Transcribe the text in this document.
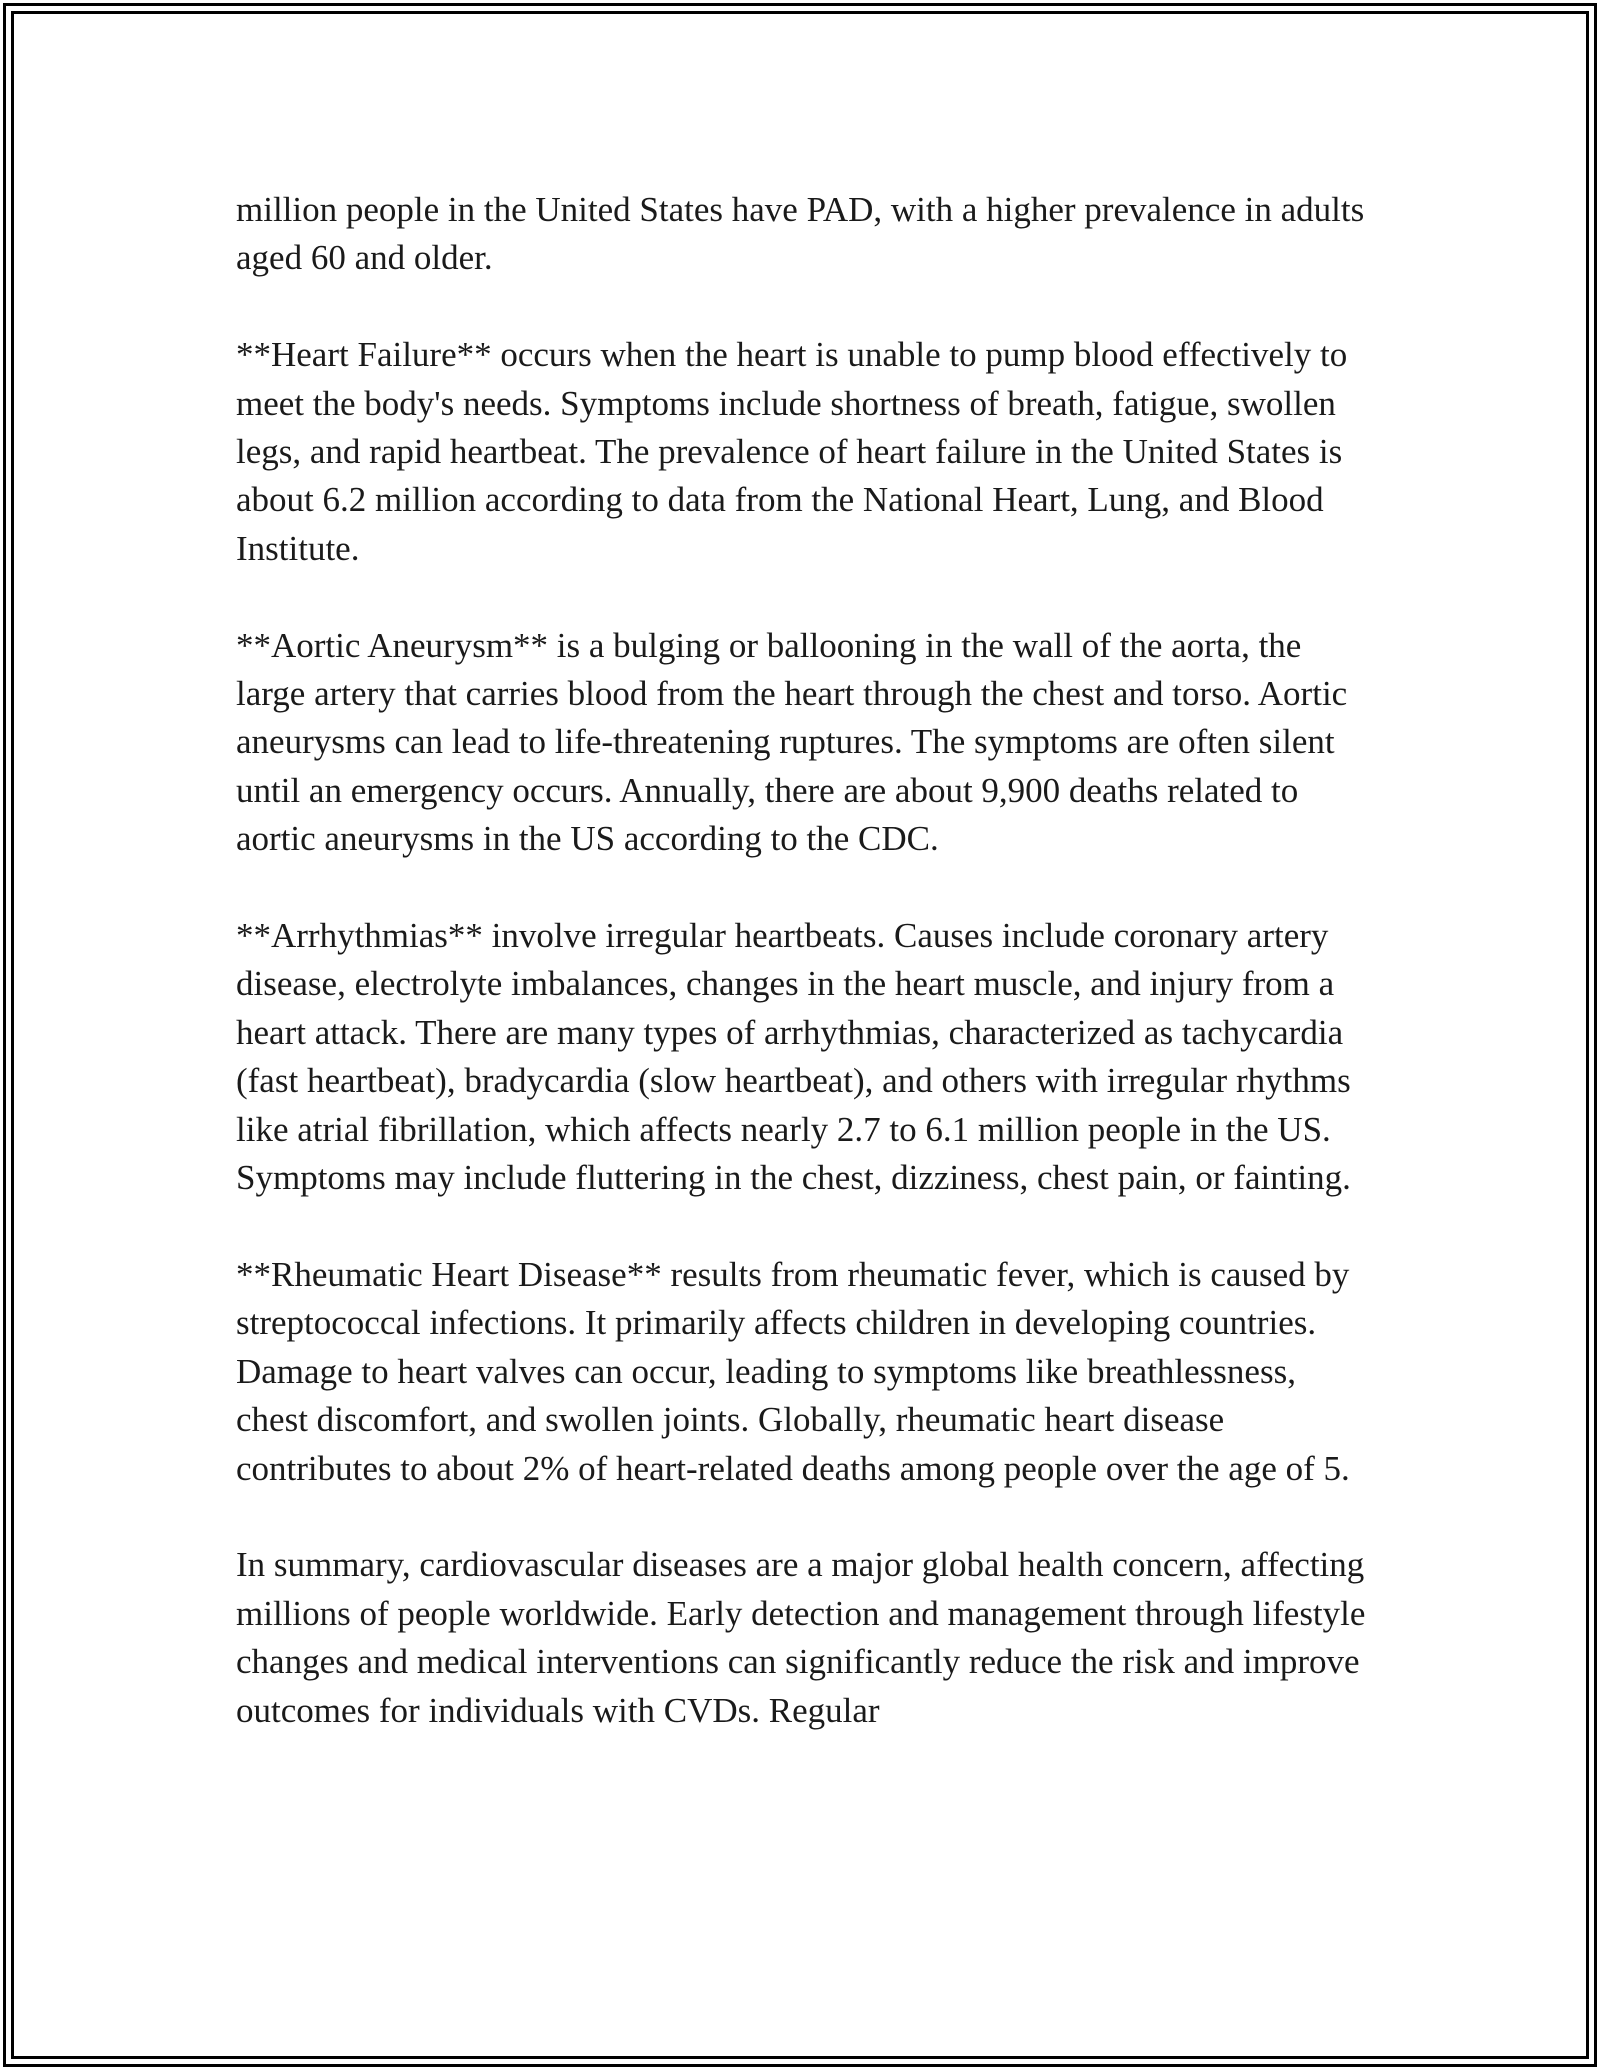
million people in the United States have PAD, with a higher prevalence in adults aged 60 and older.

**Heart Failure** occurs when the heart is unable to pump blood effectively to meet the body's needs. Symptoms include shortness of breath, fatigue, swollen legs, and rapid heartbeat. The prevalence of heart failure in the United States is about 6.2 million according to data from the National Heart, Lung, and Blood Institute.

**Aortic Aneurysm** is a bulging or ballooning in the wall of the aorta, the large artery that carries blood from the heart through the chest and torso. Aortic aneurysms can lead to life-threatening ruptures. The symptoms are often silent until an emergency occurs. Annually, there are about 9,900 deaths related to aortic aneurysms in the US according to the CDC.

**Arrhythmias** involve irregular heartbeats. Causes include coronary artery disease, electrolyte imbalances, changes in the heart muscle, and injury from a heart attack. There are many types of arrhythmias, characterized as tachycardia (fast heartbeat), bradycardia (slow heartbeat), and others with irregular rhythms like atrial fibrillation, which affects nearly 2.7 to 6.1 million people in the US. Symptoms may include fluttering in the chest, dizziness, chest pain, or fainting.

**Rheumatic Heart Disease** results from rheumatic fever, which is caused by streptococcal infections. It primarily affects children in developing countries. Damage to heart valves can occur, leading to symptoms like breathlessness, chest discomfort, and swollen joints. Globally, rheumatic heart disease contributes to about 2% of heart-related deaths among people over the age of 5.

In summary, cardiovascular diseases are a major global health concern, affecting millions of people worldwide. Early detection and management through lifestyle changes and medical interventions can significantly reduce the risk and improve outcomes for individuals with CVDs. Regular
